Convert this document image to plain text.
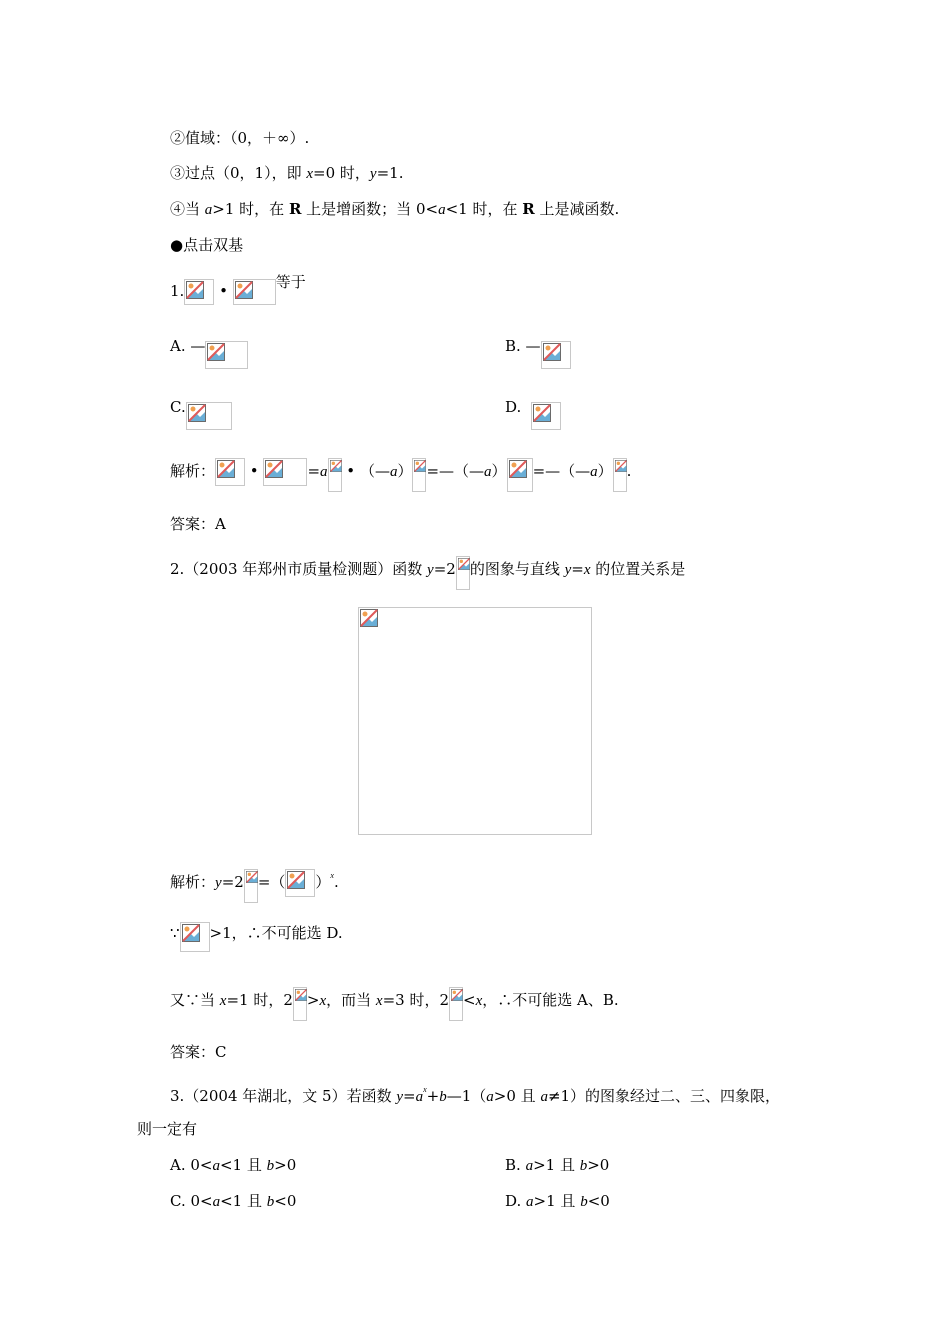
②值域：（0，＋∞）.
③过点（0，1），即 x=0 时，y=1.
④当 a>1 时，在 R 上是增函数；当 0<a<1 时，在 R 上是减函数.
●点击双基
1. •	等于
A. —	B. —
C.	D.
解析： •	=a • （—a） =—（—a） =—（—a） .
答案：A
2.（2003 年郑州市质量检测题）函数 y=2 的图象与直线 y=x 的位置关系是
解析：y=2 =（ ）$^x$.
∵ >1，∴不可能选 D.
又∵当 x=1 时，2 >x，而当 x=3 时，2 <x，∴不可能选 A、B.
答案：C
3.（2004 年湖北，文 5）若函数 $y=a^x+b—1(a>0$ 且 a≠1）的图象经过二、三、四象限，
则一定有
A. 0<a<1 且 b>0	B. a>1 且 b>0
C. 0<a<1 且 b<0	D. a>1 且 b<0
